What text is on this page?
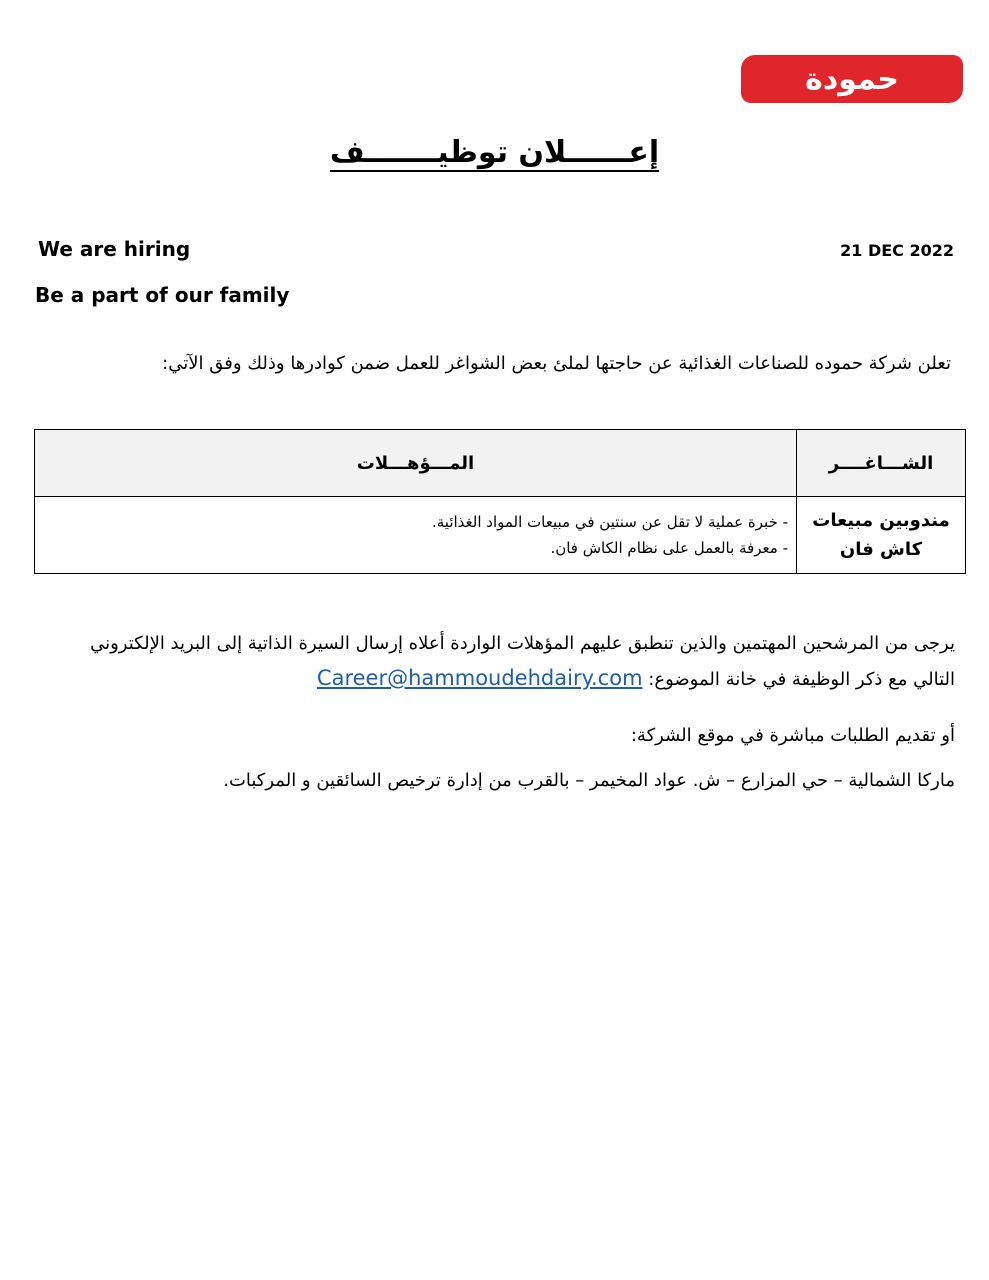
حمودة
إعــــــلان توظيـــــــف
We are hiring
Be a part of our family
21 DEC 2022
تعلن شركة حموده للصناعات الغذائية عن حاجتها لملئ بعض الشواغر للعمل ضمن كوادرها وذلك وفق الآتي:
الشـــاغــــر	المـــؤهـــلات
مندوبين مبيعات كاش فان	- خبرة عملية لا تقل عن سنتين في مبيعات المواد الغذائية.
- معرفة بالعمل على نظام الكاش فان.
يرجى من المرشحين المهتمين والذين تنطبق عليهم المؤهلات الواردة أعلاه إرسال السيرة الذاتية إلى البريد الإلكتروني
التالي مع ذكر الوظيفة في خانة الموضوع: Career@hammoudehdairy.com
أو تقديم الطلبات مباشرة في موقع الشركة:
ماركا الشمالية – حي المزارع – ش. عواد المخيمر – بالقرب من إدارة ترخيص السائقين و المركبات.
